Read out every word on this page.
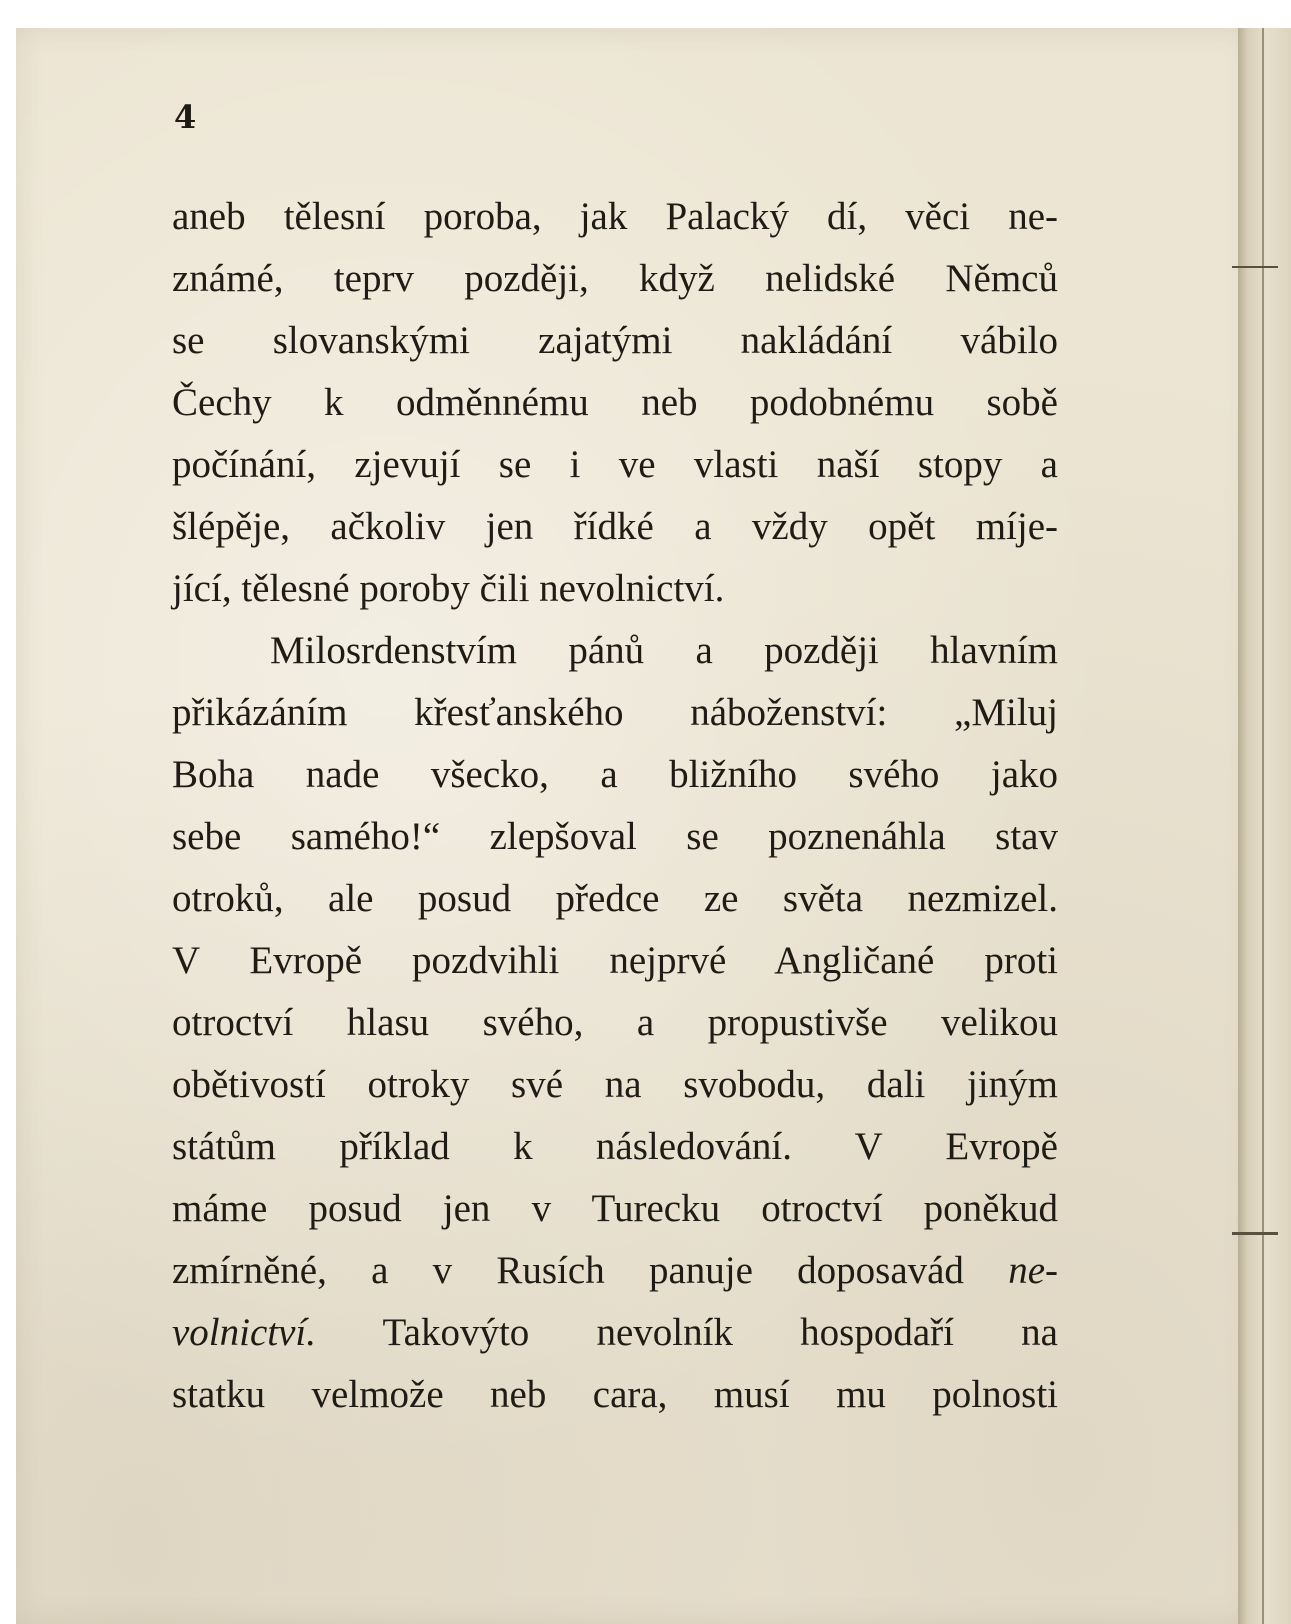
4
aneb tělesní poroba, jak Palacký dí, věci ne-
známé, teprv později, když nelidské Němců
se slovanskými zajatými nakládání vábilo
Čechy k odměnnému neb podobnému sobě
počínání, zjevují se i ve vlasti naší stopy a
šlépěje, ačkoliv jen řídké a vždy opět míje-
jící, tělesné poroby čili nevolnictví.
Milosrdenstvím pánů a později hlavním
přikázáním křesťanského náboženství: „Miluj
Boha nade všecko, a bližního svého jako
sebe samého!“ zlepšoval se poznenáhla stav
otroků, ale posud předce ze světa nezmizel.
V Evropě pozdvihli nejprvé Angličané proti
otroctví hlasu svého, a propustivše velikou
obětivostí otroky své na svobodu, dali jiným
státům příklad k následování. V Evropě
máme posud jen v Turecku otroctví poněkud
zmírněné, a v Rusích panuje doposavád ne-
volnictví. Takovýto nevolník hospodaří na
statku velmože neb cara, musí mu polnosti
